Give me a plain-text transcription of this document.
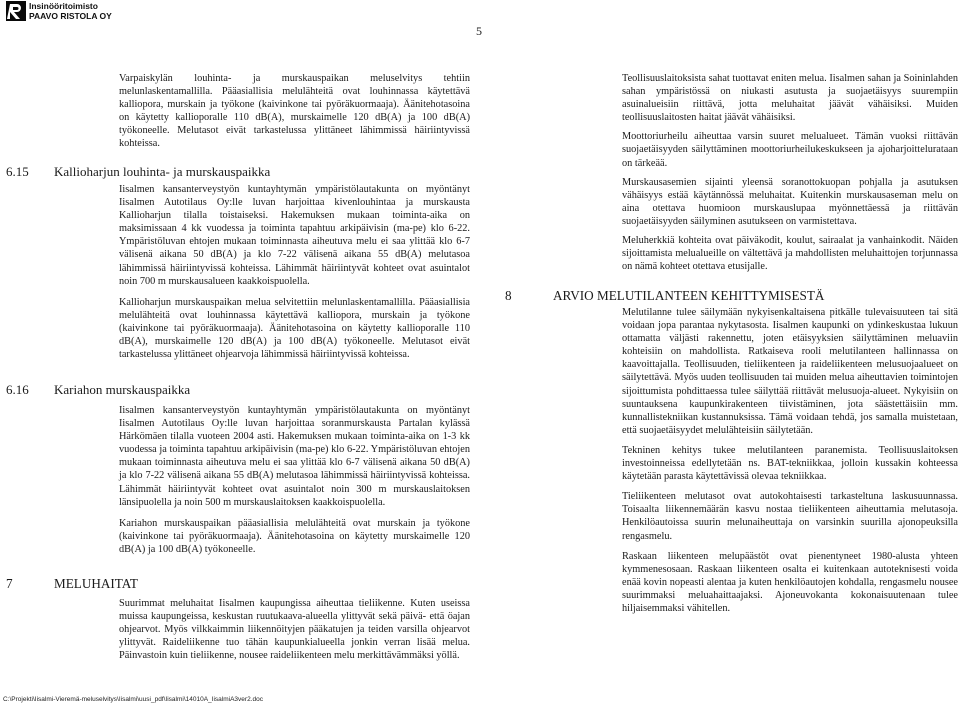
Insinööritoimisto
PAAVO RISTOLA OY
5

Varpaiskylän louhinta- ja murskauspaikan meluselvitys tehtiin melunlaskentamallilla. Pääasiallisia melulähteitä ovat louhinnassa käytettävä kalliopora, murskain ja työkone (kaivinkone tai pyöräkuormaaja). Äänitehotasoina on käytetty kallioporalle 110 dB(A), murskaimelle 120 dB(A) ja 100 dB(A) työkoneelle. Melutasot eivät tarkastelussa ylittäneet lähimmissä häiriintyvissä kohteissa.

6.15 Kallioharjun louhinta- ja murskauspaikka

Iisalmen kansanterveystyön kuntayhtymän ympäristölautakunta on myöntänyt Iisalmen Autotilaus Oy:lle luvan harjoittaa kivenlouhintaa ja murskausta Kallioharjun tilalla toistaiseksi. Hakemuksen mukaan toiminta-aika on maksimissaan 4 kk vuodessa ja toiminta tapahtuu arkipäivisin (ma-pe) klo 6-22. Ympäristöluvan ehtojen mukaan toiminnasta aiheutuva melu ei saa ylittää klo 6-7 välisenä aikana 50 dB(A) ja klo 7-22 välisenä aikana 55 dB(A) melutasoa lähimmissä häiriintyvissä kohteissa. Lähimmät häiriintyvät kohteet ovat asuintalot noin 700 m murskausalueen kaakkoispuolella.

Kallioharjun murskauspaikan melua selvitettiin melunlaskentamallilla. Pääasiallisia melulähteitä ovat louhinnassa käytettävä kalliopora, murskain ja työkone (kaivinkone tai pyöräkuormaaja). Äänitehotasoina on käytetty kallioporalle 110 dB(A), murskaimelle 120 dB(A) ja 100 dB(A) työkoneelle. Melutasot eivät tarkastelussa ylittäneet ohjearvoja lähimmissä häiriintyvissä kohteissa.

6.16 Kariahon murskauspaikka

Iisalmen kansanterveystyön kuntayhtymän ympäristölautakunta on myöntänyt Iisalmen Autotilaus Oy:lle luvan harjoittaa soranmurskausta Partalan kylässä Härkömäen tilalla vuoteen 2004 asti. Hakemuksen mukaan toiminta-aika on 1-3 kk vuodessa ja toiminta tapahtuu arkipäivisin (ma-pe) klo 6-22. Ympäristöluvan ehtojen mukaan toiminnasta aiheutuva melu ei saa ylittää klo 6-7 välisenä aikana 50 dB(A) ja klo 7-22 välisenä aikana 55 dB(A) melutasoa lähimmissä häiriintyvissä kohteissa. Lähimmät häiriintyvät kohteet ovat asuintalot noin 300 m murskauslaitoksen länsipuolella ja noin 500 m murskauslaitoksen kaakkoispuolella.

Kariahon murskauspaikan pääasiallisia melulähteitä ovat murskain ja työkone (kaivinkone tai pyöräkuormaaja). Äänitehotasoina on käytetty murskaimelle 120 dB(A) ja 100 dB(A) työkoneelle.

7	MELUHAITAT

Suurimmat meluhaitat Iisalmen kaupungissa aiheuttaa tieliikenne. Kuten useissa muissa kaupungeissa, keskustan ruutukaava-alueella ylittyvät sekä päivä- että öajan ohjearvot. Myös vilkkaimmin liikennöityjen pääkatujen ja teiden varsilla ohjearvot ylittyvät. Raideliikenne tuo tähän kaupunkialueella jonkin verran lisää melua. Päinvastoin kuin tieliikenne, nousee raideliikenteen melu merkittävämmäksi yöllä.

Teollisuuslaitoksista sahat tuottavat eniten melua. Iisalmen sahan ja Soininlahden sahan ympäristössä on niukasti asutusta ja suojaetäisyys suurempiin asuinalueisiin riittävä, jotta meluhaitat jäävät vähäisiksi. Muiden teollisuuslaitosten haitat jäävät vähäisiksi.

Moottoriurheilu aiheuttaa varsin suuret melualueet. Tämän vuoksi riittävän suojaetäisyyden säilyttäminen moottoriurheilukeskukseen ja ajoharjoittelurataan on tärkeää.

Murskausasemien sijainti yleensä soranottokuopan pohjalla ja asutuksen vähäisyys estää käytännössä meluhaitat. Kuitenkin murskausaseman melu on aina otettava huomioon murskauslupaa myönnettäessä ja riittävän suojaetäisyyden säilyminen asutukseen on varmistettava.

Meluherkkiä kohteita ovat päiväkodit, koulut, sairaalat ja vanhainkodit. Näiden sijoittamista melualueille on vältettävä ja mahdollisten meluhaittojen torjunnassa on nämä kohteet otettava etusijalle.

8	ARVIO MELUTILANTEEN KEHITTYMISESTÄ

Melutilanne tulee säilymään nykyisenkaltaisena pitkälle tulevaisuuteen tai sitä voidaan jopa parantaa nykytasosta. Iisalmen kaupunki on ydinkeskustaa lukuun ottamatta väljästi rakennettu, joten etäisyyksien säilyttäminen meluaviin kohteisiin on mahdollista. Ratkaiseva rooli melutilanteen hallinnassa on kaavoittajalla. Teollisuuden, tieliikenteen ja raideliikenteen melusuojaalueet on säilytettävä. Myös uuden teollisuuden tai muiden melua aiheuttavien toimintojen sijoittumista pohdittaessa tulee säilyttää riittävät melusuoja-alueet. Nykyisiin on suuntauksena kaupunkirakenteen tiivistäminen, jota säästettäisiin mm. kunnallistekniikan kustannuksissa. Tämä voidaan tehdä, jos samalla muistetaan, että suojaetäisyydet melulähteisiin säilytetään.

Tekninen kehitys tukee melutilanteen paranemista. Teollisuuslaitoksen investoinneissa edellytetään ns. BAT-tekniikkaa, jolloin kussakin kohteessa käytetään parasta käytettävissä olevaa tekniikkaa.

Tieliikenteen melutasot ovat autokohtaisesti tarkasteltuna laskusuunnassa. Toisaalta liikennemäärän kasvu nostaa tieliikenteen aiheuttamia melutasoja. Henkilöautoissa suurin melunaiheuttaja on varsinkin suurilla ajonopeuksilla rengasmelu.

Raskaan liikenteen melupäästöt ovat pienentyneet 1980-alusta yhteen kymmenesosaan. Raskaan liikenteen osalta ei kuitenkaan autoteknisesti voida enää kovin nopeasti alentaa ja kuten henkilöautojen kohdalla, rengasmelu nousee suurimmaksi meluahaittaajaksi. Ajoneuvokanta kokonaisuutenaan tulee hiljaisemmaksi vähitellen.

C:\Projekti\Iisalmi-Vieremä-meluselvitys\Iisalmi\uusi_pdf\Iisalmi\14010A_IisalmiA3ver2.doc
